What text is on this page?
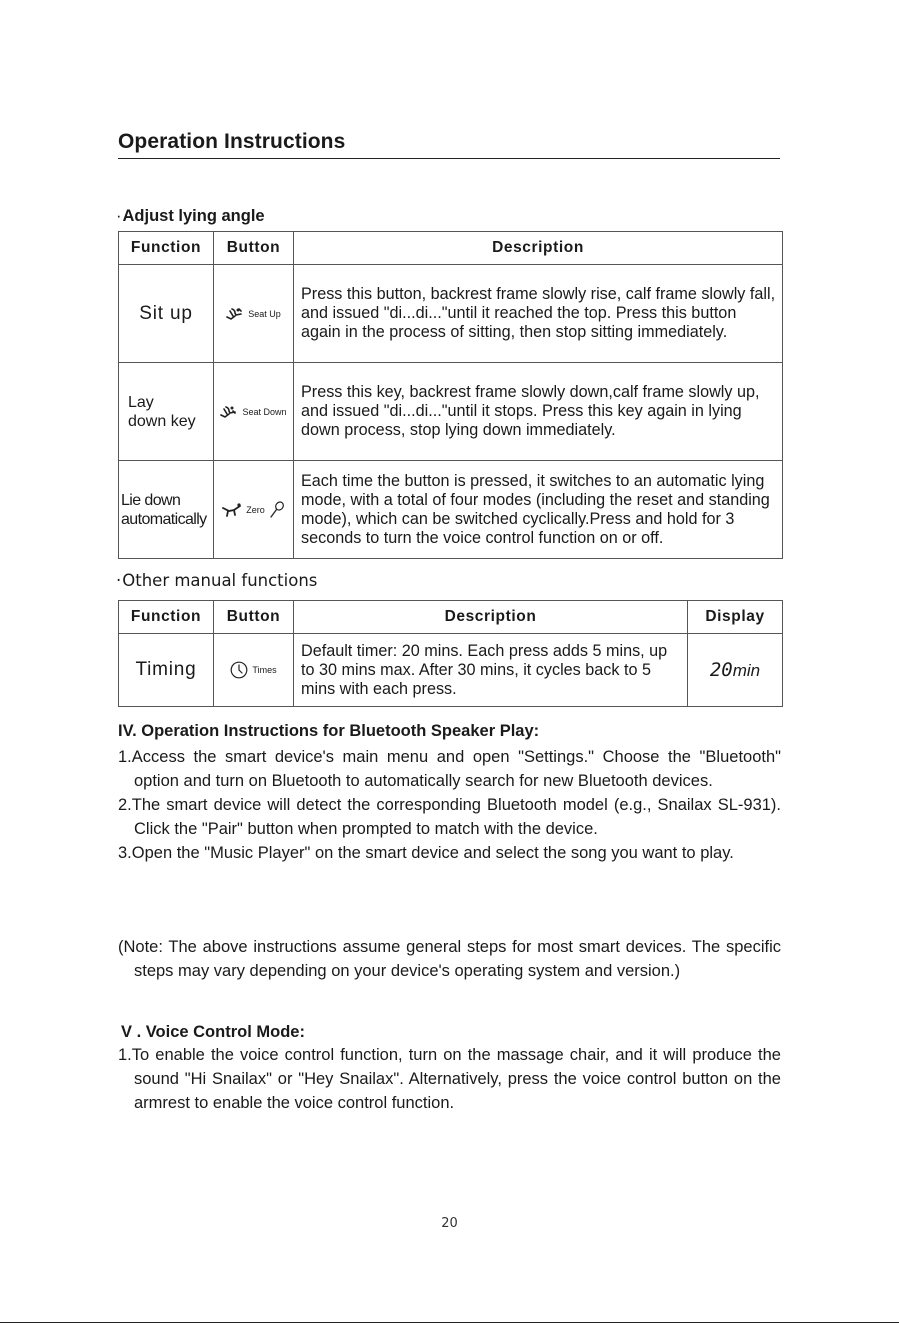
Operation Instructions
·Adjust lying angle
Function	Button	Description
Sit up	Seat Up	Press this button, backrest frame slowly rise, calf frame slowly fall, and issued "di...di..."until it reached the top. Press this button again in the process of sitting, then stop sitting immediately.
Lay
down key	Seat Down	Press this key, backrest frame slowly down,calf frame slowly up, and issued "di...di..."until it stops. Press this key again in lying down process, stop lying down immediately.
Lie down
automatically	Zero	Each time the button is pressed, it switches to an automatic lying mode, with a total of four modes (including the reset and standing mode), which can be switched cyclically.Press and hold for 3 seconds to turn the voice control function on or off.
·Other manual functions
Function	Button	Description	Display
Timing	Times	Default timer: 20 mins. Each press adds 5 mins, up to 30 mins max. After 30 mins, it cycles back to 5 mins with each press.	20min
IV. Operation Instructions for Bluetooth Speaker Play:
1.Access the smart device's main menu and open "Settings." Choose the "Bluetooth" option and turn on Bluetooth to automatically search for new Bluetooth devices.
2.The smart device will detect the corresponding Bluetooth model (e.g., Snailax SL-931). Click the "Pair" button when prompted to match with the device.
3.Open the "Music Player" on the smart device and select the song you want to play.
(Note: The above instructions assume general steps for most smart devices. The specific steps may vary depending on your device's operating system and version.)
V . Voice Control Mode:
1.To enable the voice control function, turn on the massage chair, and it will produce the sound "Hi Snailax" or "Hey Snailax". Alternatively, press the voice control button on the armrest to enable the voice control function.
20
